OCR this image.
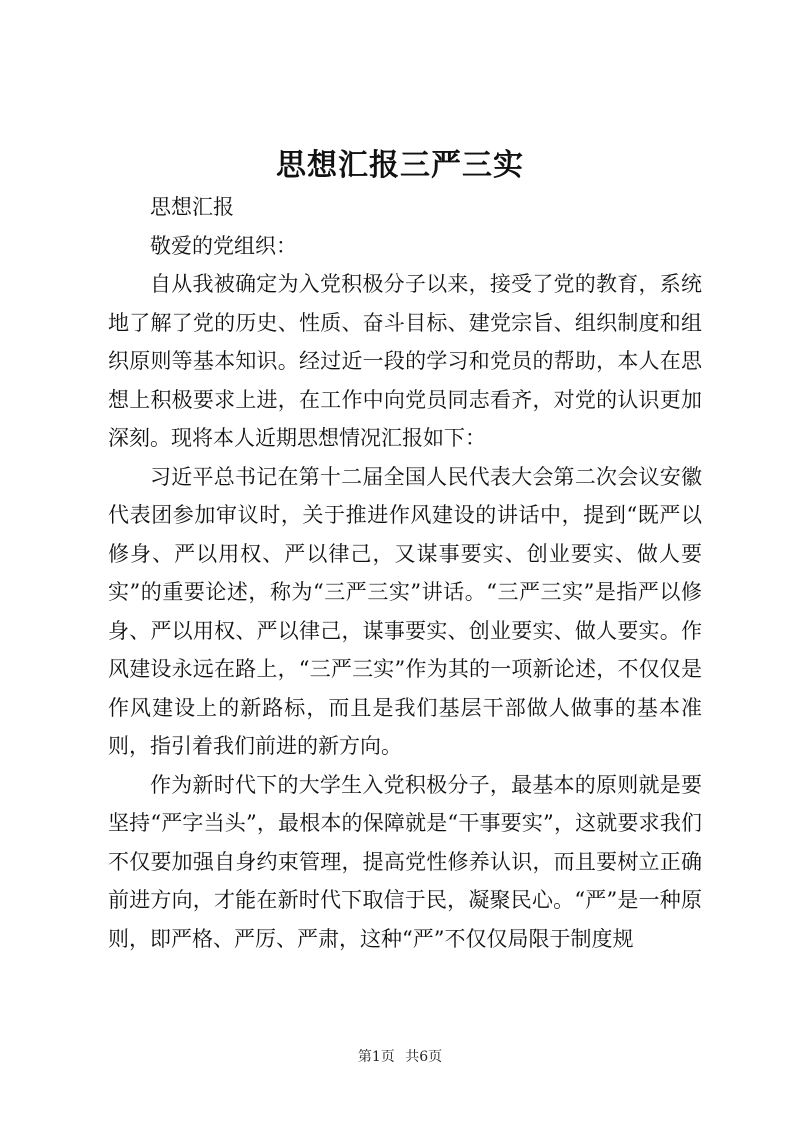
思想汇报三严三实

思想汇报

敬爱的党组织：

自从我被确定为入党积极分子以来，接受了党的教育，系统地了解了党的历史、性质、奋斗目标、建党宗旨、组织制度和组织原则等基本知识。经过近一段的学习和党员的帮助，本人在思想上积极要求上进，在工作中向党员同志看齐，对党的认识更加深刻。现将本人近期思想情况汇报如下：

习近平总书记在第十二届全国人民代表大会第二次会议安徽代表团参加审议时，关于推进作风建设的讲话中，提到“既严以修身、严以用权、严以律己，又谋事要实、创业要实、做人要实”的重要论述，称为“三严三实”讲话。“三严三实”是指严以修身、严以用权、严以律己，谋事要实、创业要实、做人要实。作风建设永远在路上，“三严三实”作为其的一项新论述，不仅仅是作风建设上的新路标，而且是我们基层干部做人做事的基本准则，指引着我们前进的新方向。

作为新时代下的大学生入党积极分子，最基本的原则就是要坚持“严字当头”，最根本的保障就是“干事要实”，这就要求我们不仅要加强自身约束管理，提高党性修养认识，而且要树立正确前进方向，才能在新时代下取信于民，凝聚民心。“严”是一种原则，即严格、严厉、严肃，这种“严”不仅仅局限于制度规

第1页 共6页
